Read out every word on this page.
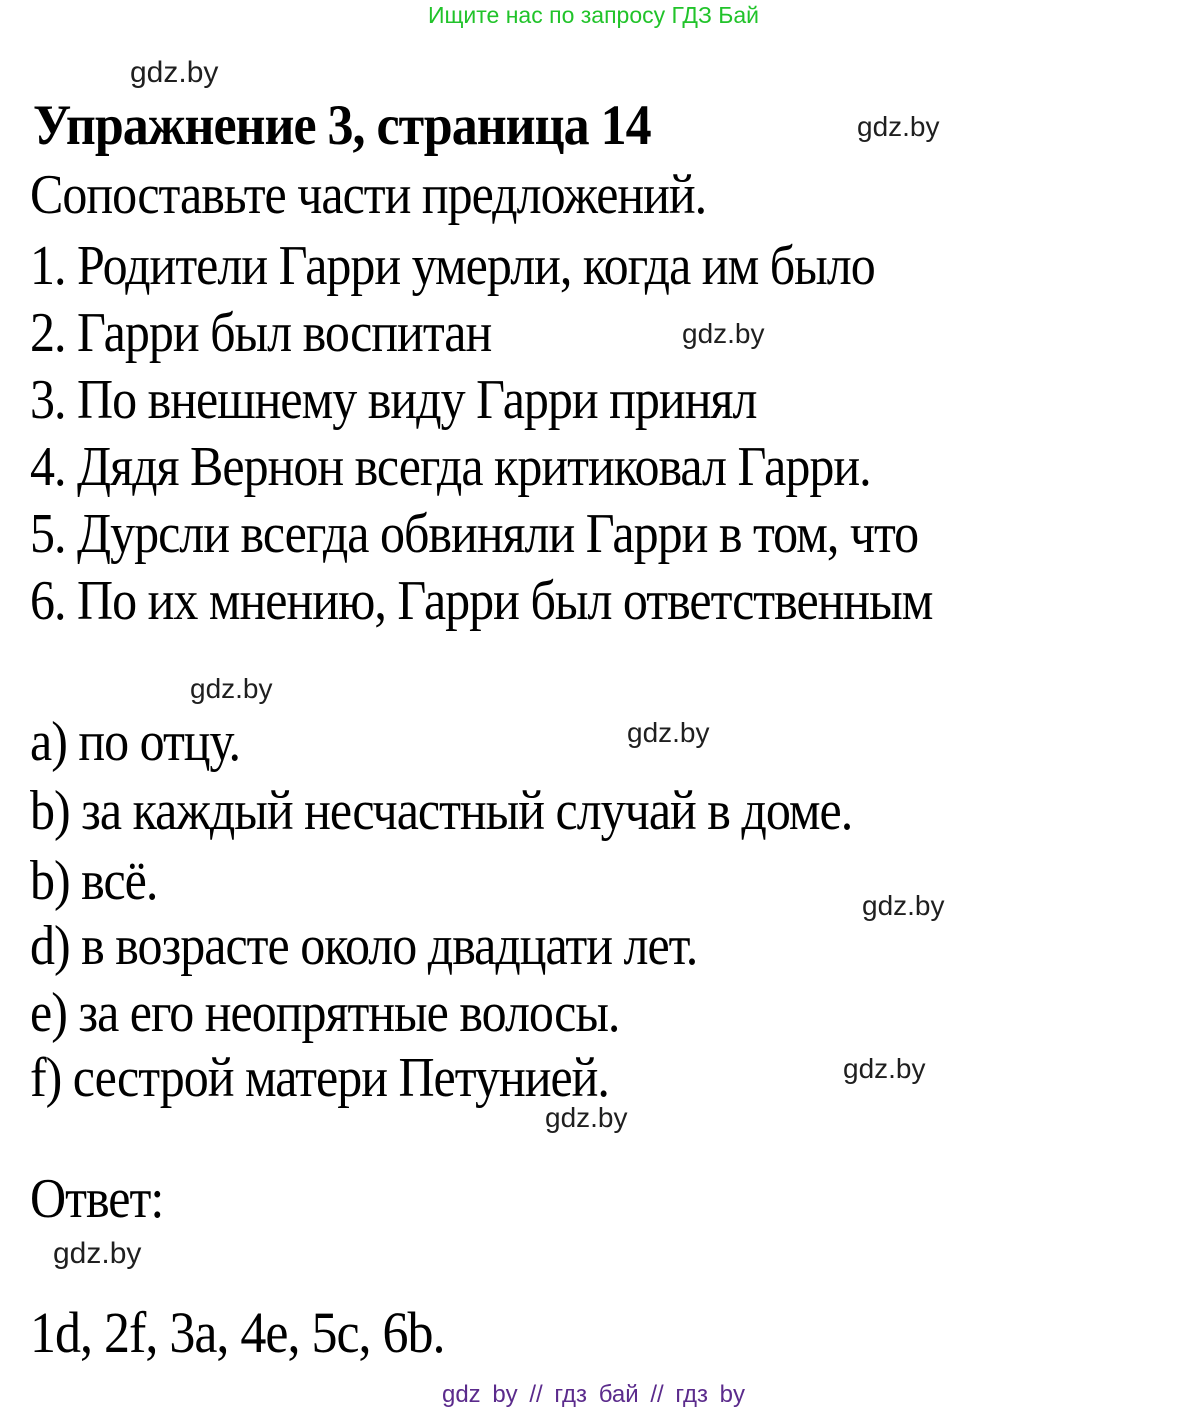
Ищите нас по запросу ГДЗ Бай
gdz.by
Упражнение 3, страница 14	gdz.by
Сопоставьте части предложений.
1. Родители Гарри умерли, когда им было
2. Гарри был воспитан	gdz.by
3. По внешнему виду Гарри принял
4. Дядя Вернон всегда критиковал Гарри.
5. Дурсли всегда обвиняли Гарри в том, что
6. По их мнению, Гарри был ответственным
gdz.by
a) по отцу.	gdz.by
b) за каждый несчастный случай в доме.
b) всё.
d) в возрасте около двадцати лет.
gdz.by
e) за его неопрятные волосы.
f) сестрой матери Петунией.	gdz.by
gdz.by
Ответ:
gdz.by
1d, 2f, 3a, 4e, 5c, 6b.
gdz by // гдз бай // гдз by
